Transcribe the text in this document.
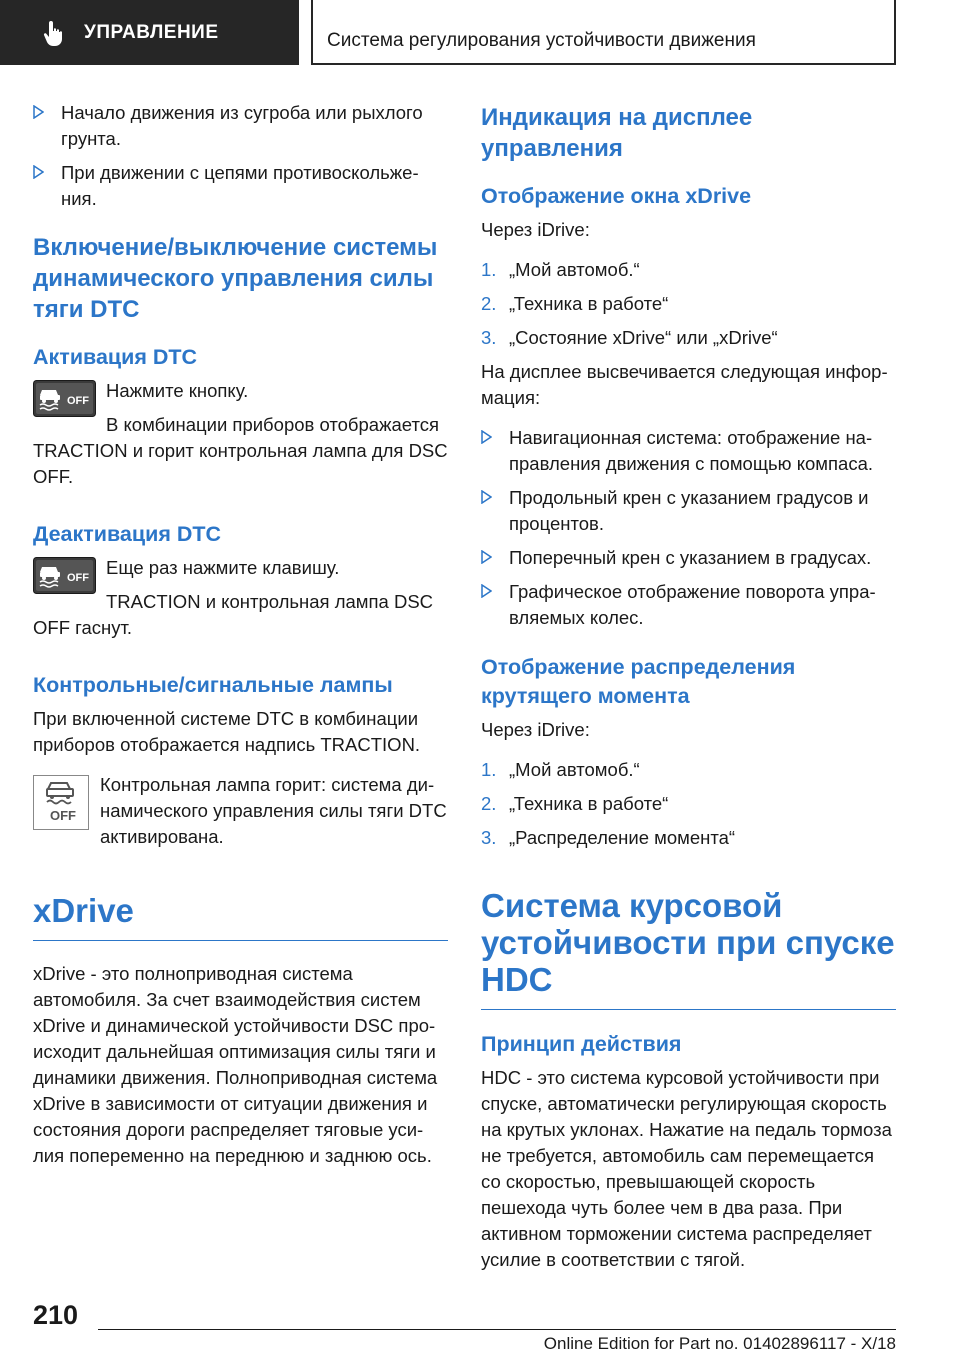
УПРАВЛЕНИЕ	Система регулирования устойчивости движения
Начало движения из сугроба или рыхлого грунта.
При движении с цепями противоскольжения.
Включение/выключение системы динамического управления силы тяги DTC
Активация DTC
OFF Нажмите кнопку.

В комбинации приборов отображается TRACTION и горит контрольная лампа для DSC OFF.

Деактивация DTC
OFF Еще раз нажмите клавишу.

TRACTION и контрольная лампа DSC OFF гаснут.

Контрольные/сигнальные лампы

При включенной системе DTC в комбинации приборов отображается надпись TRACTION.

OFF

Контрольная лампа горит: система динамического управления силы тяги DTC активирована.

xDrive

xDrive - это полноприводная система автомобиля. За счет взаимодействия систем xDrive и динамической устойчивости DSC происходит дальнейшая оптимизация силы тяги и динамики движения. Полноприводная система xDrive в зависимости от ситуации движения и состояния дороги распределяет тяговые усилия попеременно на переднюю и заднюю ось.

Индикация на дисплее управления
Отображение окна xDrive

Через iDrive:

1. „Мой автомоб.“
2. „Техника в работе“
3. „Состояние xDrive“ или „xDrive“

На дисплее высвечивается следующая информация:

Навигационная система: отображение направления движения с помощью компаса.
Продольный крен с указанием градусов и процентов.
Поперечный крен с указанием в градусах.
Графическое отображение поворота управляемых колес.
Отображение распределения крутящего момента

Через iDrive:

1. „Мой автомоб.“
2. „Техника в работе“
3. „Распределение момента“
Система курсовой устойчивости при спуске HDC
Принцип действия

HDC - это система курсовой устойчивости при спуске, автоматически регулирующая скорость на крутых уклонах. Нажатие на педаль тормоза не требуется, автомобиль сам перемещается со скоростью, превышающей скорость пешехода чуть более чем в два раза. При активном торможении система распределяет усилие в соответствии с тягой.

210
Online Edition for Part no. 01402896117 - X/18
